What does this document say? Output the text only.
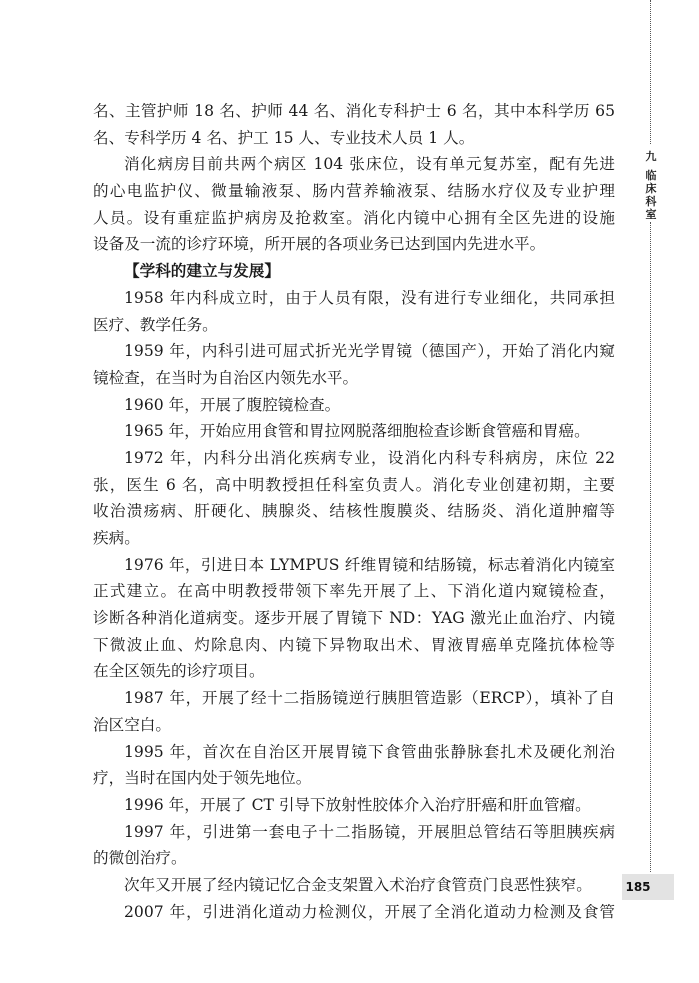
九
临
床
科
室
185
名、主管护师 18 名、护师 44 名、消化专科护士 6 名，其中本科学历 65
名、专科学历 4 名、护工 15 人、专业技术人员 1 人。
消化病房目前共两个病区 104 张床位，设有单元复苏室，配有先进
的心电监护仪、微量输液泵、肠内营养输液泵、结肠水疗仪及专业护理
人员。设有重症监护病房及抢救室。消化内镜中心拥有全区先进的设施
设备及一流的诊疗环境，所开展的各项业务已达到国内先进水平。
【学科的建立与发展】
1958 年内科成立时，由于人员有限，没有进行专业细化，共同承担
医疗、教学任务。
1959 年，内科引进可屈式折光光学胃镜（德国产），开始了消化内窥
镜检查，在当时为自治区内领先水平。
1960 年，开展了腹腔镜检查。
1965 年，开始应用食管和胃拉网脱落细胞检查诊断食管癌和胃癌。
1972 年，内科分出消化疾病专业，设消化内科专科病房，床位 22
张，医生 6 名，高中明教授担任科室负责人。消化专业创建初期，主要
收治溃疡病、肝硬化、胰腺炎、结核性腹膜炎、结肠炎、消化道肿瘤等
疾病。
1976 年，引进日本 LYMPUS 纤维胃镜和结肠镜，标志着消化内镜室
正式建立。在高中明教授带领下率先开展了上、下消化道内窥镜检查，
诊断各种消化道病变。逐步开展了胃镜下 ND：YAG 激光止血治疗、内镜
下微波止血、灼除息肉、内镜下异物取出术、胃液胃癌单克隆抗体检等
在全区领先的诊疗项目。
1987 年，开展了经十二指肠镜逆行胰胆管造影（ERCP），填补了自
治区空白。
1995 年，首次在自治区开展胃镜下食管曲张静脉套扎术及硬化剂治
疗，当时在国内处于领先地位。
1996 年，开展了 CT 引导下放射性胶体介入治疗肝癌和肝血管瘤。
1997 年，引进第一套电子十二指肠镜，开展胆总管结石等胆胰疾病
的微创治疗。
次年又开展了经内镜记忆合金支架置入术治疗食管贲门良恶性狭窄。
2007 年，引进消化道动力检测仪，开展了全消化道动力检测及食管
